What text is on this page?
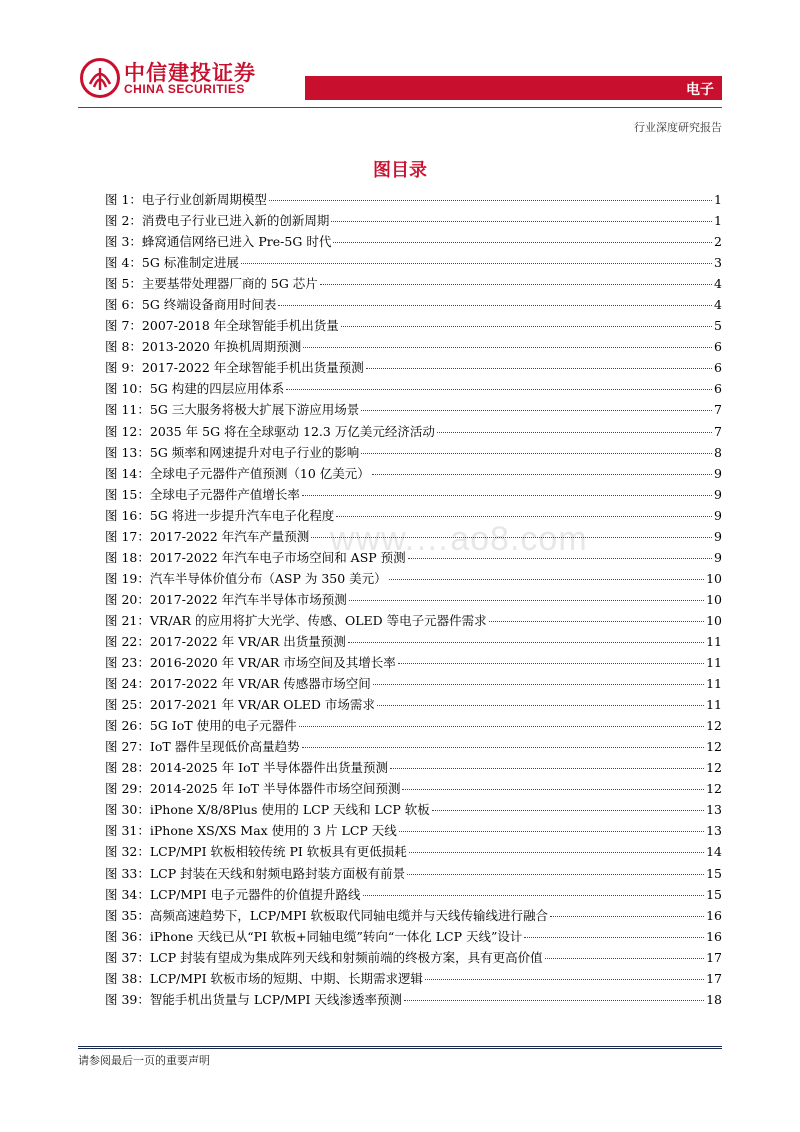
中信建投证券
CHINA SECURITIES	电子
行业深度研究报告
图目录
www.…ao8.com
图 1：电子行业创新周期模型	1
图 2：消费电子行业已进入新的创新周期	1
图 3：蜂窝通信网络已进入 Pre-5G 时代	2
图 4：5G 标准制定进展	3
图 5：主要基带处理器厂商的 5G 芯片	4
图 6：5G 终端设备商用时间表	4
图 7：2007-2018 年全球智能手机出货量	5
图 8：2013-2020 年换机周期预测	6
图 9：2017-2022 年全球智能手机出货量预测	6
图 10：5G 构建的四层应用体系	6
图 11：5G 三大服务将极大扩展下游应用场景	7
图 12：2035 年 5G 将在全球驱动 12.3 万亿美元经济活动	7
图 13：5G 频率和网速提升对电子行业的影响	8
图 14：全球电子元器件产值预测（10 亿美元）	9
图 15：全球电子元器件产值增长率	9
图 16：5G 将进一步提升汽车电子化程度	9
图 17：2017-2022 年汽车产量预测	9
图 18：2017-2022 年汽车电子市场空间和 ASP 预测	9
图 19：汽车半导体价值分布（ASP 为 350 美元）	10
图 20：2017-2022 年汽车半导体市场预测	10
图 21：VR/AR 的应用将扩大光学、传感、OLED 等电子元器件需求	10
图 22：2017-2022 年 VR/AR 出货量预测	11
图 23：2016-2020 年 VR/AR 市场空间及其增长率	11
图 24：2017-2022 年 VR/AR 传感器市场空间	11
图 25：2017-2021 年 VR/AR OLED 市场需求	11
图 26：5G IoT 使用的电子元器件	12
图 27：IoT 器件呈现低价高量趋势	12
图 28：2014-2025 年 IoT 半导体器件出货量预测	12
图 29：2014-2025 年 IoT 半导体器件市场空间预测	12
图 30：iPhone X/8/8Plus 使用的 LCP 天线和 LCP 软板	13
图 31：iPhone XS/XS Max 使用的 3 片 LCP 天线	13
图 32：LCP/MPI 软板相较传统 PI 软板具有更低损耗	14
图 33：LCP 封装在天线和射频电路封装方面极有前景	15
图 34：LCP/MPI 电子元器件的价值提升路线	15
图 35：高频高速趋势下，LCP/MPI 软板取代同轴电缆并与天线传输线进行融合	16
图 36：iPhone 天线已从“PI 软板+同轴电缆”转向“一体化 LCP 天线”设计	16
图 37：LCP 封装有望成为集成阵列天线和射频前端的终极方案，具有更高价值	17
图 38：LCP/MPI 软板市场的短期、中期、长期需求逻辑	17
图 39：智能手机出货量与 LCP/MPI 天线渗透率预测	18
请参阅最后一页的重要声明
